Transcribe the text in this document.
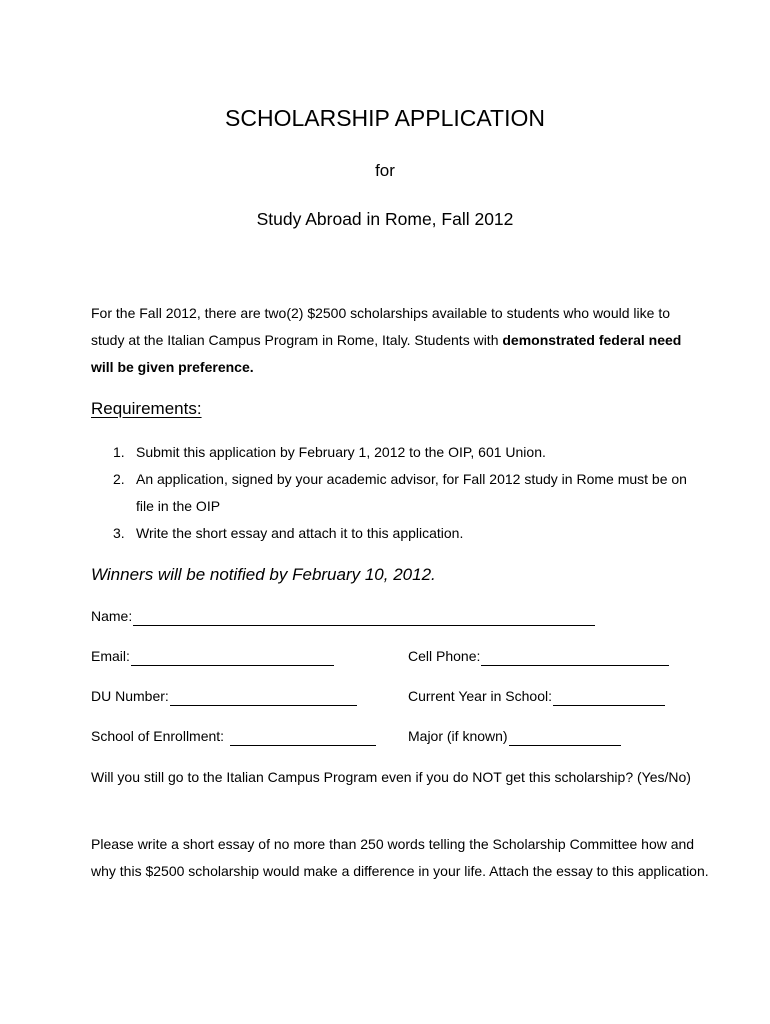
SCHOLARSHIP APPLICATION
for
Study Abroad in Rome, Fall 2012
For the Fall 2012, there are two(2) $2500 scholarships available to students who would like to study at the Italian Campus Program in Rome, Italy. Students with demonstrated federal need will be given preference.
Requirements:
1. Submit this application by February 1, 2012 to the OIP, 601 Union.
2. An application, signed by your academic advisor, for Fall 2012 study in Rome must be on file in the OIP
3. Write the short essay and attach it to this application.
Winners will be notified by February 10, 2012.
Name:
Email:	Cell Phone:
DU Number:	Current Year in School:
School of Enrollment:	Major (if known)
Will you still go to the Italian Campus Program even if you do NOT get this scholarship? (Yes/No)
Please write a short essay of no more than 250 words telling the Scholarship Committee how and why this $2500 scholarship would make a difference in your life. Attach the essay to this application.
